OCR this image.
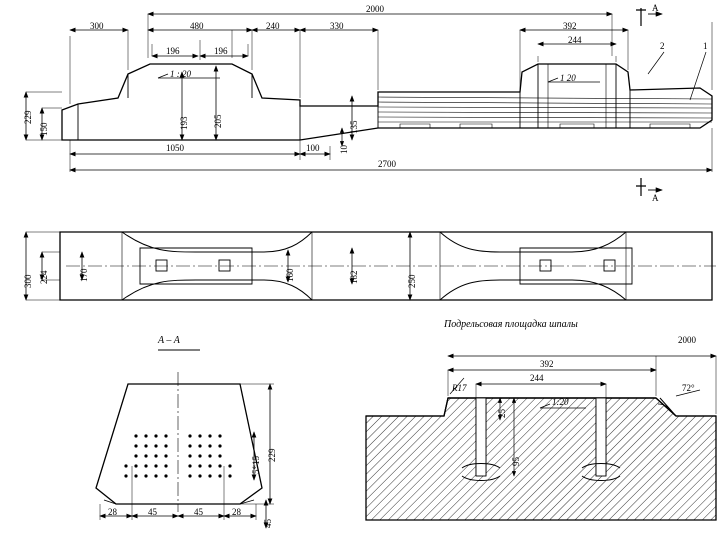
300	480	240	330
2000
392
244
196	196
1 : 20	1 20
2	1
A
A
229
150	193	205	135
10
1050	100
2700
300 224	170	160	182	250
A – A
Подрельсовая площадка шпалы
229
5*15
28	45	45	28
45
2000
392
244
R17
25
95
1:20
72°
